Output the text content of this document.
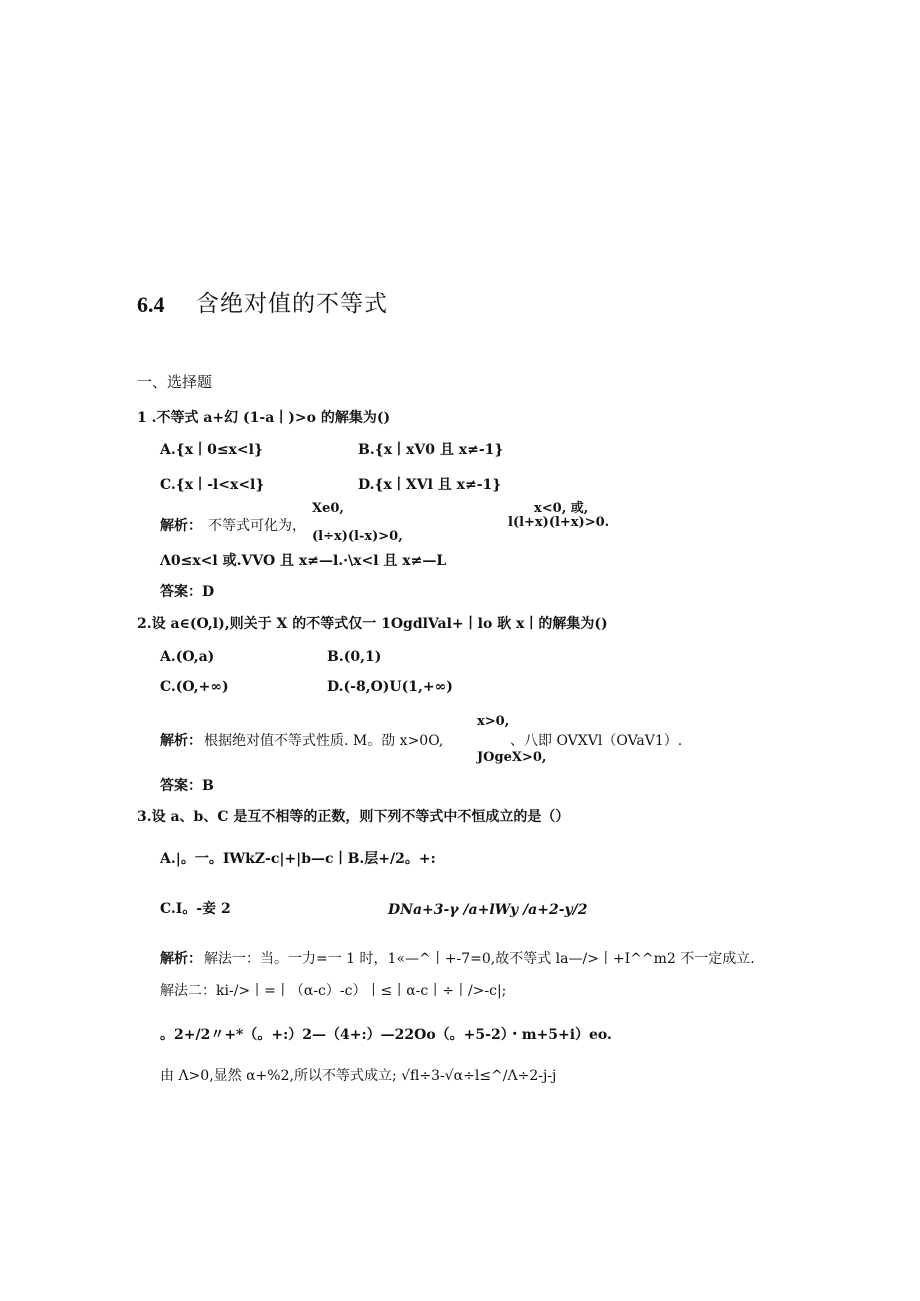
6.4 含绝对值的不等式
一、选择题
1 .不等式 a+幻 (1-a丨)>o 的解集为()
A.{x丨0≤x<l}	B.{x丨xV0 且 x≠-1}
C.{x丨-l<x<l}	D.{x丨XVl 且 x≠-1}
Xe0,
解析： 不等式可化为，
(l÷x)(l-x)>0,
x<0, 或,
l(l+x)(l+x)>0.
Λ0≤x<l 或.VVO 且 x≠—l.·\x<l 且 x≠—L
答案：D
2.设 a∈(O,l),则关于 X 的不等式仅一 1OgdlVal+丨lo 耿 x丨的解集为()
A.(O,a)	B.(0,1)
C.(O,+∞)	D.(-8,O)U(1,+∞)
x>0,
解析： 根据绝对值不等式性质. M。劭 x>0O,	、八即 OVXVl（OVaV1）.
JOgeX>0,
答案：B
3.设 a、b、C 是互不相等的正数，则下列不等式中不恒成立的是（）
A.|。一。IWkZ-c|+|b—c丨B.层+/2。+:
C.I。-妾 2	DNa+3-γ /a+lWy /a+2-y/2
解析： 解法一：当。一力=一 1 时，1«—^丨+-7=0,故不等式 la—/>丨+I^^m2 不一定成立.
解法二：ki-/>丨=丨（α-c）-c）丨≤丨α-c丨÷丨/>-c|;
。2+/2〃+*（。+:）2—（4+:）—22Oo（。+5-2）・m+5+i）eo.
由 Λ>0,显然 α+%2,所以不等式成立; √fl÷3-√α÷l≤^∕Λ÷2-j-j
